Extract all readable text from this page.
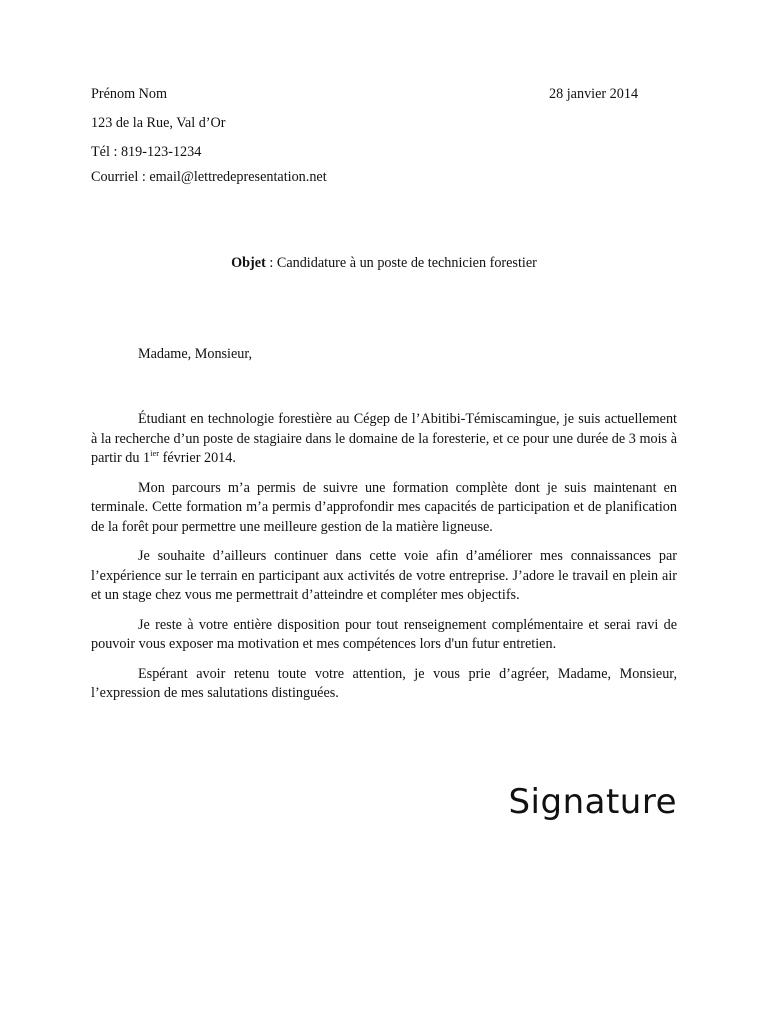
Prénom Nom	28 janvier 2014
123 de la Rue, Val d’Or
Tél : 819-123-1234
Courriel : email@lettredepresentation.net
Objet : Candidature à un poste de technicien forestier
Madame, Monsieur,

Étudiant en technologie forestière au Cégep de l’Abitibi-Témiscamingue, je suis actuellement à la recherche d’un poste de stagiaire dans le domaine de la foresterie, et ce pour une durée de 3 mois à partir du $1^{ier}$ février 2014.

Mon parcours m’a permis de suivre une formation complète dont je suis maintenant en terminale. Cette formation m’a permis d’approfondir mes capacités de participation et de planification de la forêt pour permettre une meilleure gestion de la matière ligneuse.

Je souhaite d’ailleurs continuer dans cette voie afin d’améliorer mes connaissances par l’expérience sur le terrain en participant aux activités de votre entreprise. J’adore le travail en plein air et un stage chez vous me permettrait d’atteindre et compléter mes objectifs.

Je reste à votre entière disposition pour tout renseignement complémentaire et serai ravi de pouvoir vous exposer ma motivation et mes compétences lors d'un futur entretien.

Espérant avoir retenu toute votre attention, je vous prie d’agréer, Madame, Monsieur, l’expression de mes salutations distinguées.

Signature
